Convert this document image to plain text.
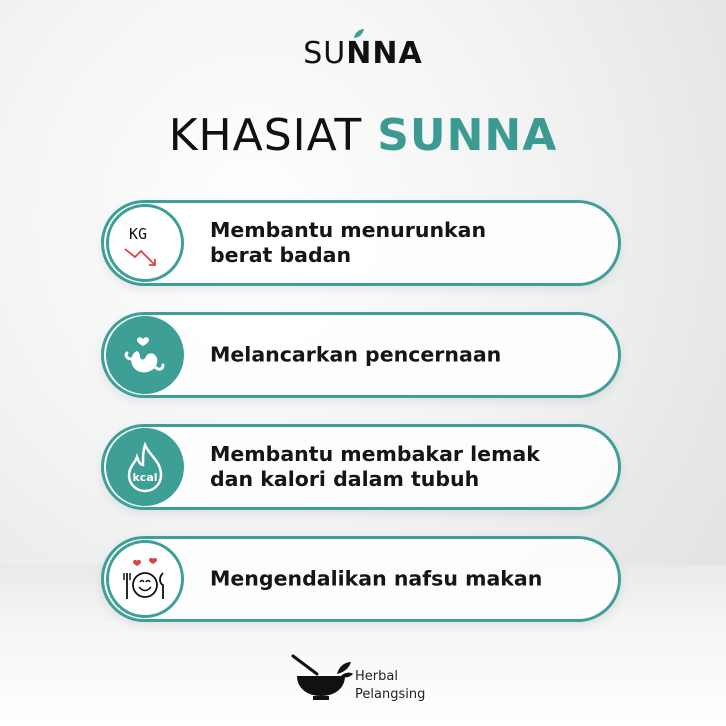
SUN
NA
KHASIAT SUNNA
KG	Membantu menurunkan
berat badan
Melancarkan pencernaan
kcal
Membantu membakar lemak
dan kalori dalam tubuh
Mengendalikan nafsu makan
Herbal
Pelangsing
